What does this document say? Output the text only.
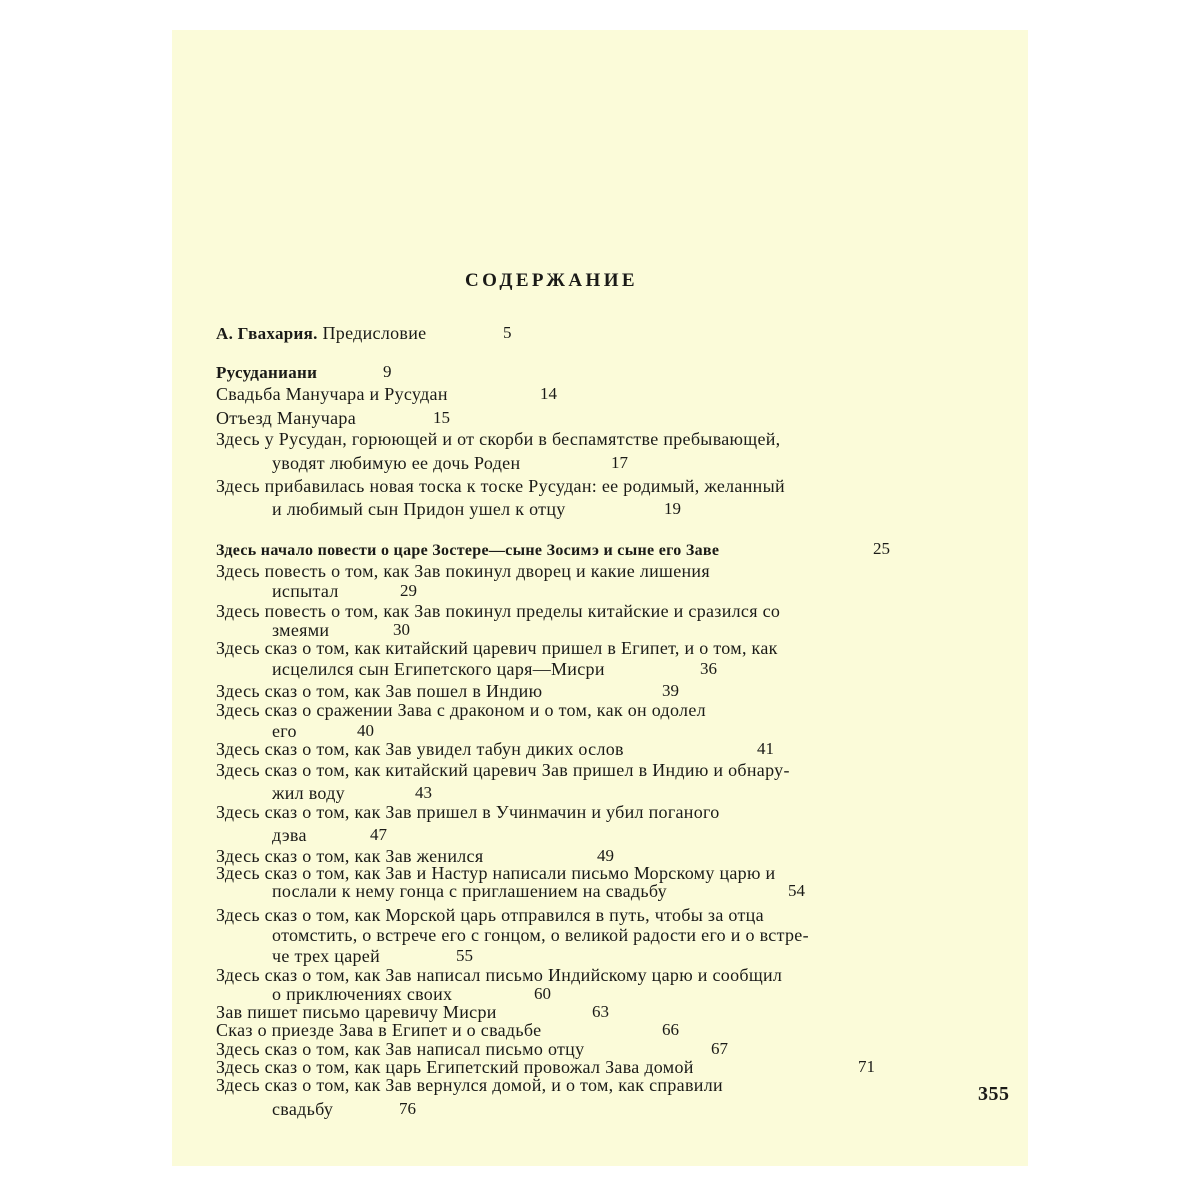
СОДЕРЖАНИЕ
А. Гвахария. Предисловие	5
Русуданиани	9
Свадьба Манучара и Русудан	14
Отъезд Манучара	15
Здесь у Русудан, горюющей и от скорби в беспамятстве пребывающей,
уводят любимую ее дочь Роден	17
Здесь прибавилась новая тоска к тоске Русудан: ее родимый, желанный
и любимый сын Придон ушел к отцу	19
Здесь начало повести о царе Зостере—сыне Зосимэ и сыне его Заве	25
Здесь повесть о том, как Зав покинул дворец и какие лишения
испытал	29
Здесь повесть о том, как Зав покинул пределы китайские и сразился со
змеями	30
Здесь сказ о том, как китайский царевич пришел в Египет, и о том, как
исцелился сын Египетского царя—Мисри	36
Здесь сказ о том, как Зав пошел в Индию	39
Здесь сказ о сражении Зава с драконом и о том, как он одолел
его	40
Здесь сказ о том, как Зав увидел табун диких ослов	41
Здесь сказ о том, как китайский царевич Зав пришел в Индию и обнару-
жил воду	43
Здесь сказ о том, как Зав пришел в Учинмачин и убил поганого
дэва	47
Здесь сказ о том, как Зав женился	49
Здесь сказ о том, как Зав и Настур написали письмо Морскому царю и
послали к нему гонца с приглашением на свадьбу	54
Здесь сказ о том, как Морской царь отправился в путь, чтобы за отца
отомстить, о встрече его с гонцом, о великой радости его и о встре-
че трех царей	55
Здесь сказ о том, как Зав написал письмо Индийскому царю и сообщил
о приключениях своих	60
Зав пишет письмо царевичу Мисри	63
Сказ о приезде Зава в Египет и о свадьбе	66
Здесь сказ о том, как Зав написал письмо отцу	67
Здесь сказ о том, как царь Египетский провожал Зава домой	71
Здесь сказ о том, как Зав вернулся домой, и о том, как справили
свадьбу	76
355
